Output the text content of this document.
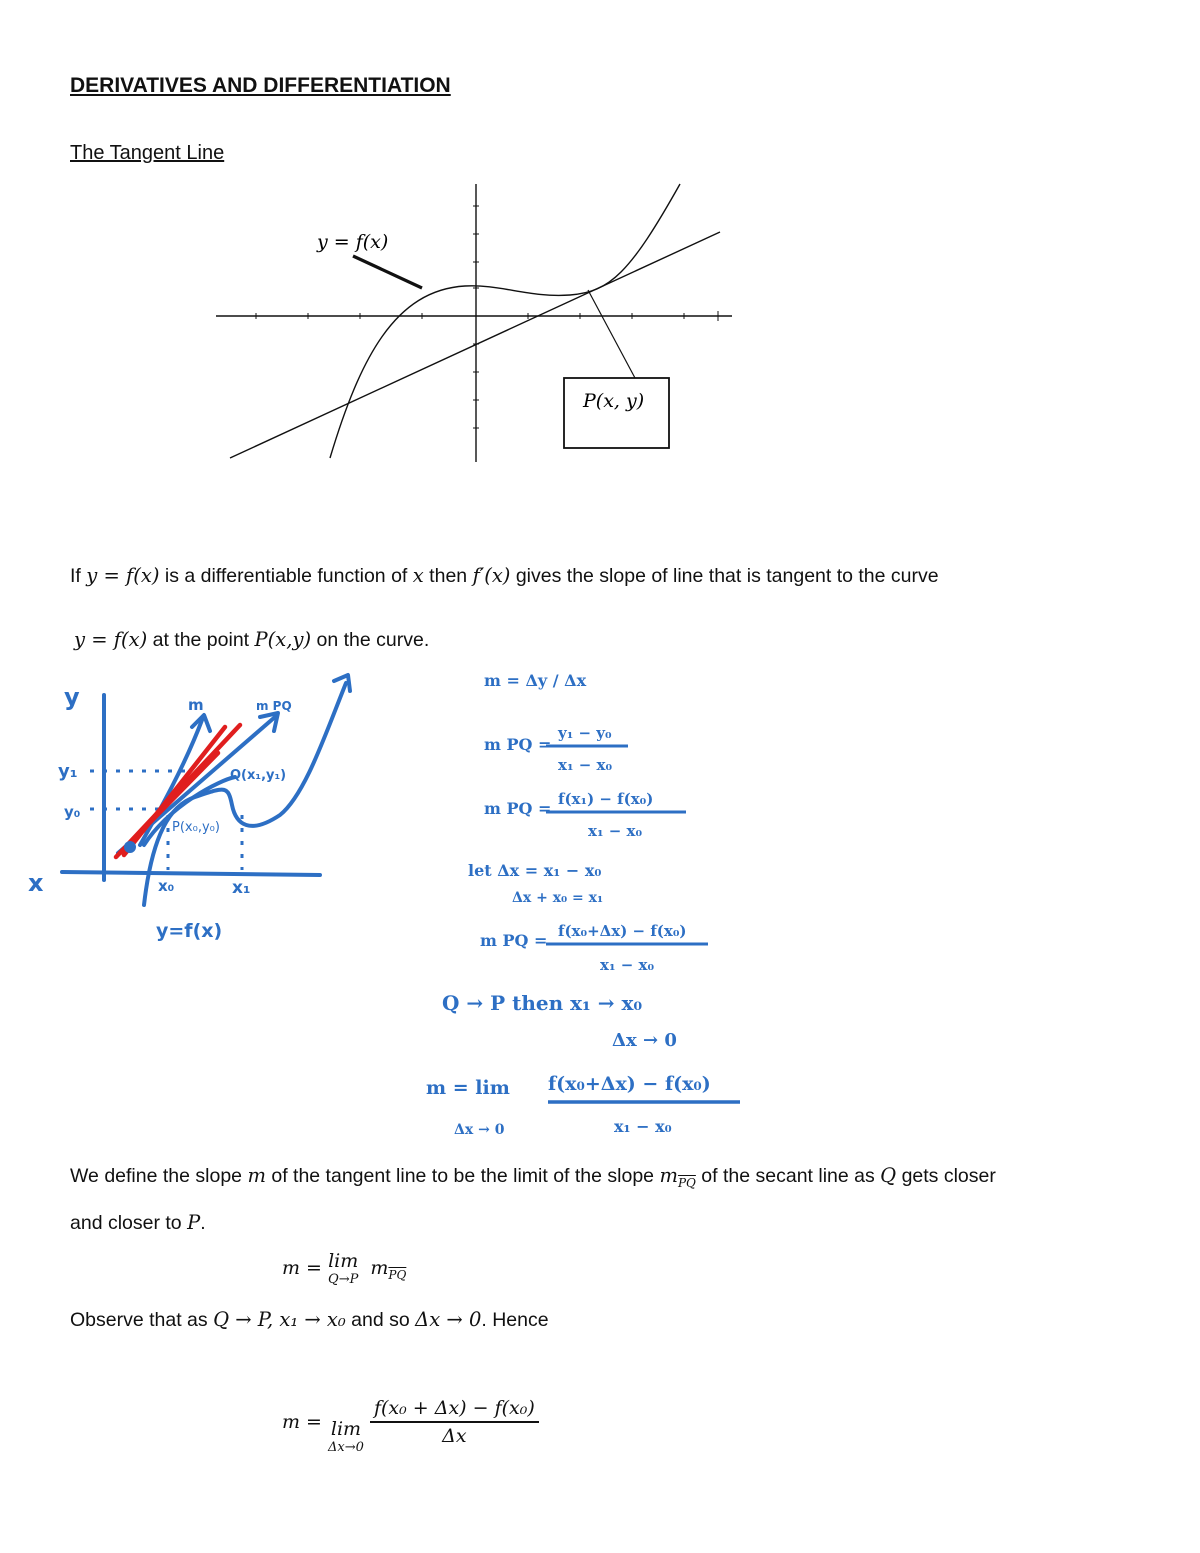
DERIVATIVES AND DIFFERENTIATION
The Tangent Line
y = f(x)
P(x, y)
If y = f(x) is a differentiable function of x then f′(x) gives the slope of line that is tangent to the curve
y = f(x) at the point P(x,y) on the curve.
y
x
y₁
y₀
x₀	x₁
m	m PQ
P(x₀,y₀)
Q(x₁,y₁)
y=f(x)
m = Δy / Δx
m PQ =
y₁ − y₀
x₁ − x₀
m PQ = f(x₁) − f(x₀)
x₁ − x₀
let Δx = x₁ − x₀
Δx + x₀ = x₁
m PQ = f(x₀+Δx) − f(x₀)
x₁ − x₀
Q → P then x₁ → x₀
Δx → 0
m = lim f(x₀+Δx) − f(x₀)
Δx → 0	x₁ − x₀
We define the slope m of the tangent line to be the limit of the slope $m_{\overline{PQ}}$ of the secant line as Q gets closer
and closer to P.
m = lim
Q→P
$m_{\overline{PQ}}$
Observe that as Q → P, x₁ → x₀ and so Δx → 0. Hence
m = lim
Δx→0

$\frac{\text{f(x₀ + Δx) − f(x₀)}}{\Delta x}$
